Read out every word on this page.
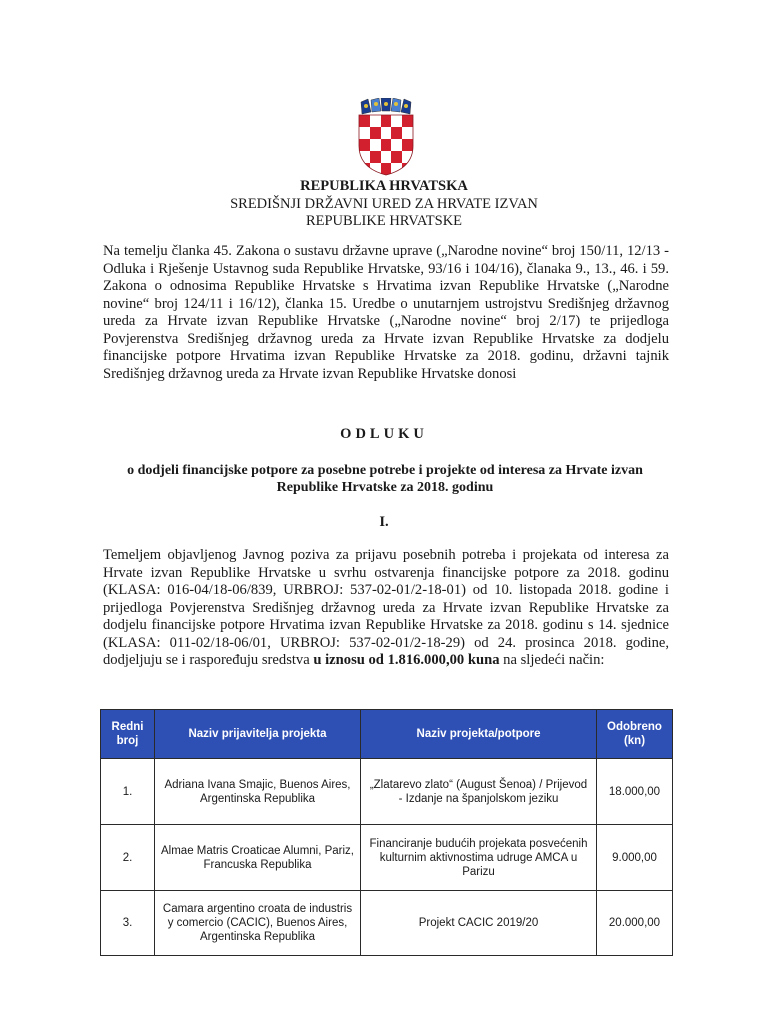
REPUBLIKA HRVATSKA
SREDIŠNJI DRŽAVNI URED ZA HRVATE IZVAN
REPUBLIKE HRVATSKE
Na temelju članka 45. Zakona o sustavu državne uprave („Narodne novine“ broj 150/11, 12/13 - Odluka i Rješenje Ustavnog suda Republike Hrvatske, 93/16 i 104/16), članaka 9., 13., 46. i 59. Zakona o odnosima Republike Hrvatske s Hrvatima izvan Republike Hrvatske („Narodne novine“ broj 124/11 i 16/12), članka 15. Uredbe o unutarnjem ustrojstvu Središnjeg državnog ureda za Hrvate izvan Republike Hrvatske („Narodne novine“ broj 2/17) te prijedloga Povjerenstva Središnjeg državnog ureda za Hrvate izvan Republike Hrvatske za dodjelu financijske potpore Hrvatima izvan Republike Hrvatske za 2018. godinu, državni tajnik Središnjeg državnog ureda za Hrvate izvan Republike Hrvatske donosi
ODLUKU
o dodjeli financijske potpore za posebne potrebe i projekte od interesa za Hrvate izvan Republike Hrvatske za 2018. godinu
I.
Temeljem objavljenog Javnog poziva za prijavu posebnih potreba i projekata od interesa za Hrvate izvan Republike Hrvatske u svrhu ostvarenja financijske potpore za 2018. godinu (KLASA: 016-04/18-06/839, URBROJ: 537-02-01/2-18-01) od 10. listopada 2018. godine i prijedloga Povjerenstva Središnjeg državnog ureda za Hrvate izvan Republike Hrvatske za dodjelu financijske potpore Hrvatima izvan Republike Hrvatske za 2018. godinu s 14. sjednice (KLASA: 011-02/18-06/01, URBROJ: 537-02-01/2-18-29) od 24. prosinca 2018. godine, dodjeljuju se i raspoređuju sredstva u iznosu od 1.816.000,00 kuna na sljedeći način:
Redni broj	Naziv prijavitelja projekta	Naziv projekta/potpore	Odobreno (kn)
1.	Adriana Ivana Smajic, Buenos Aires, Argentinska Republika	„Zlatarevo zlato“ (August Šenoa) / Prijevod - Izdanje na španjolskom jeziku	18.000,00
2.	Almae Matris Croaticae Alumni, Pariz, Francuska Republika	Financiranje budućih projekata posvećenih kulturnim aktivnostima udruge AMCA u Parizu	9.000,00
3.	Camara argentino croata de industris y comercio (CACIC), Buenos Aires, Argentinska Republika	Projekt CACIC 2019/20	20.000,00
